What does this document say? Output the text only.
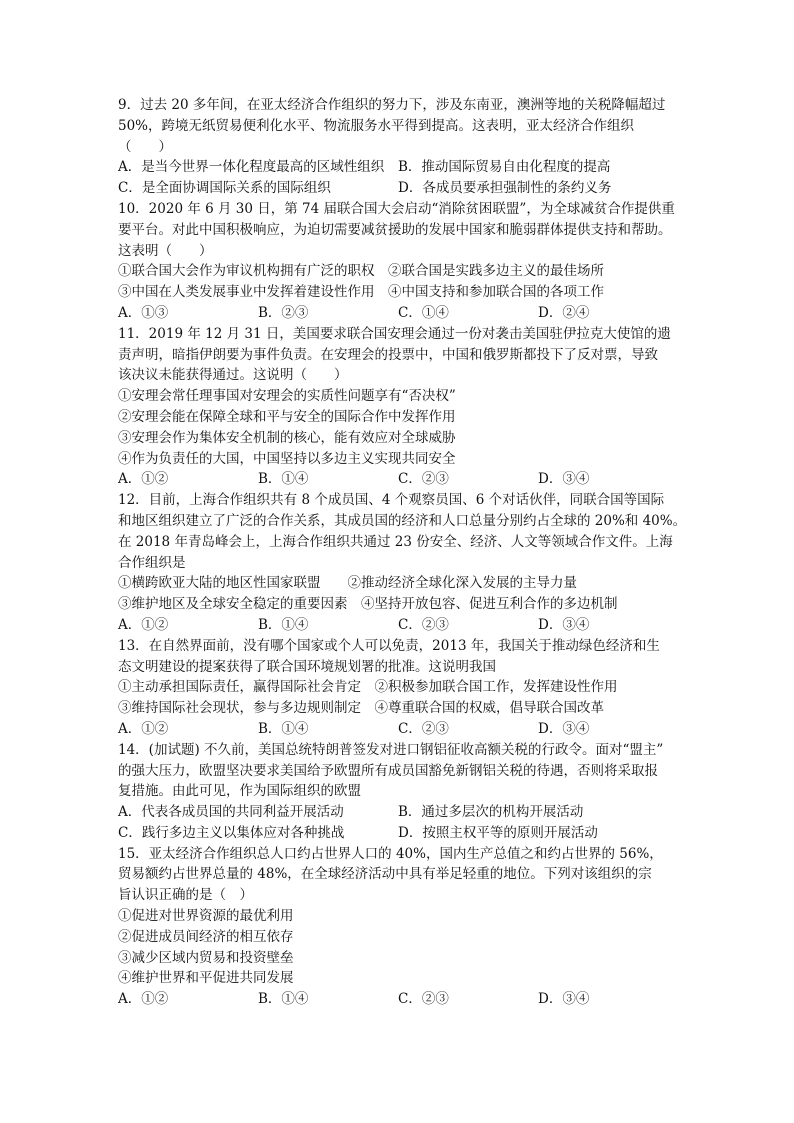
9．过去 20 多年间，在亚太经济合作组织的努力下，涉及东南亚，澳洲等地的关税降幅超过
50%，跨境无纸贸易便利化水平、物流服务水平得到提高。这表明，亚太经济合作组织
（　　）
A．是当今世界一体化程度最高的区域性组织	B．推动国际贸易自由化程度的提高
C．是全面协调国际关系的国际组织	D．各成员要承担强制性的条约义务
10．2020 年 6 月 30 日，第 74 届联合国大会启动“消除贫困联盟”，为全球减贫合作提供重
要平台。对此中国积极响应，为迫切需要减贫援助的发展中国家和脆弱群体提供支持和帮助。
这表明（　　）
①联合国大会作为审议机构拥有广泛的职权　②联合国是实践多边主义的最佳场所
③中国在人类发展事业中发挥着建设性作用　④中国支持和参加联合国的各项工作
A．①③	B．②③	C．①④	D．②④
11．2019 年 12 月 31 日，美国要求联合国安理会通过一份对袭击美国驻伊拉克大使馆的遗
责声明，暗指伊朗要为事件负责。在安理会的投票中，中国和俄罗斯都投下了反对票，导致
该决议未能获得通过。这说明（　　）
①安理会常任理事国对安理会的实质性问题享有“否决权”
②安理会能在保障全球和平与安全的国际合作中发挥作用
③安理会作为集体安全机制的核心，能有效应对全球威胁
④作为负责任的大国，中国坚持以多边主义实现共同安全
A．①②	B．①④	C．②③	D．③④
12．目前，上海合作组织共有 8 个成员国、4 个观察员国、6 个对话伙伴，同联合国等国际
和地区组织建立了广泛的合作关系，其成员国的经济和人口总量分别约占全球的 20%和 40%。
在 2018 年青岛峰会上，上海合作组织共通过 23 份安全、经济、人文等领域合作文件。上海
合作组织是
①横跨欧亚大陆的地区性国家联盟　　②推动经济全球化深入发展的主导力量
③维护地区及全球安全稳定的重要因素　④坚持开放包容、促进互利合作的多边机制
A．①②	B．①④	C．②③	D．③④
13．在自然界面前，没有哪个国家或个人可以免责，2013 年，我国关于推动绿色经济和生
态文明建设的提案获得了联合国环境规划署的批准。这说明我国
①主动承担国际责任，赢得国际社会肯定　②积极参加联合国工作，发挥建设性作用
③维持国际社会现状，参与多边规则制定　④尊重联合国的权威，倡导联合国改革
A．①②	B．①④	C．②③	D．③④
14．(加试题) 不久前，美国总统特朗普签发对进口钢铝征收高额关税的行政令。面对“盟主”
的强大压力，欧盟坚决要求美国给予欧盟所有成员国豁免新钢铝关税的待遇，否则将采取报
复措施。由此可见，作为国际组织的欧盟
A．代表各成员国的共同利益开展活动	B．通过多层次的机构开展活动
C．践行多边主义以集体应对各种挑战	D．按照主权平等的原则开展活动
15．亚太经济合作组织总人口约占世界人口的 40%，国内生产总值之和约占世界的 56%，
贸易额约占世界总量的 48%，在全球经济活动中具有举足轻重的地位。下列对该组织的宗
旨认识正确的是（　）
①促进对世界资源的最优利用
②促进成员间经济的相互依存
③减少区域内贸易和投资壁垒
④维护世界和平促进共同发展
A．①②	B．①④	C．②③	D．③④
